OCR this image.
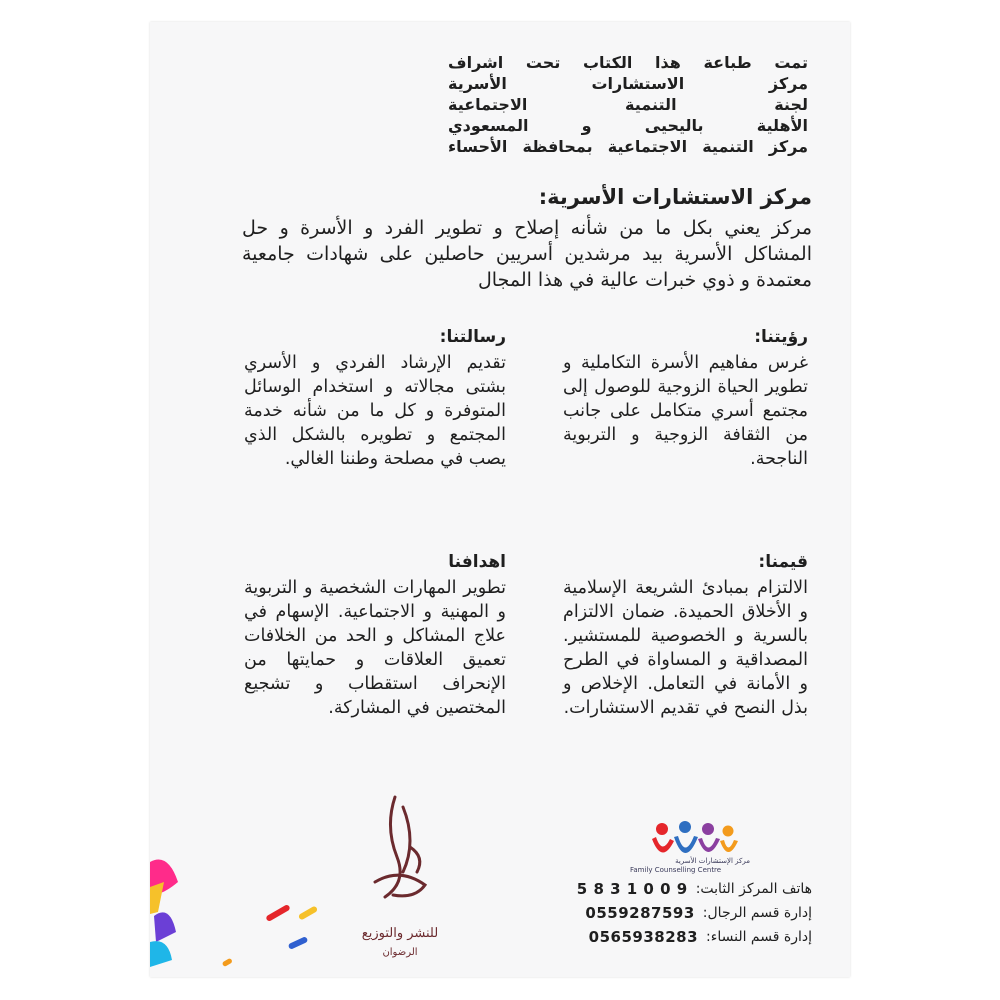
تمت طباعة هذا الكتاب تحت اشراف
مركز الاستشارات الأسرية
لجنة التنمية الاجتماعية
الأهلية باليحيى و المسعودي
مركز التنمية الاجتماعية بمحافظة الأحساء
مركز الاستشارات الأسرية:
مركز يعني بكل ما من شأنه إصلاح و تطوير الفرد و الأسرة و حل المشاكل الأسرية بيد مرشدين أسريين حاصلين على شهادات جامعية معتمدة و ذوي خبرات عالية في هذا المجال
رؤيتنا:
غرس مفاهيم الأسرة التكاملية و تطوير الحياة الزوجية للوصول إلى مجتمع أسري متكامل على جانب من الثقافة الزوجية و التربوية الناجحة.
رسالتنا:
تقديم الإرشاد الفردي و الأسري بشتى مجالاته و استخدام الوسائل المتوفرة و كل ما من شأنه خدمة المجتمع و تطويره بالشكل الذي يصب في مصلحة وطننا الغالي.
قيمنا:
الالتزام بمبادئ الشريعة الإسلامية و الأخلاق الحميدة. ضمان الالتزام بالسرية و الخصوصية للمستشير. المصداقية و المساواة في الطرح و الأمانة في التعامل. الإخلاص و بذل النصح في تقديم الاستشارات.
اهدافنا
تطوير المهارات الشخصية و التربوية و المهنية و الاجتماعية. الإسهام في علاج المشاكل و الحد من الخلافات تعميق العلاقات و حمايتها من الإنحراف استقطاب و تشجيع المختصين في المشاركة.
مركز الإستشارات الأسرية
Family Counselling Centre
للنشر والتوزيع
الرضوان
هاتف المركز الثابت:
5 8 3 1 0 0 9
إدارة قسم الرجال:
0559287593
إدارة قسم النساء:
0565938283
